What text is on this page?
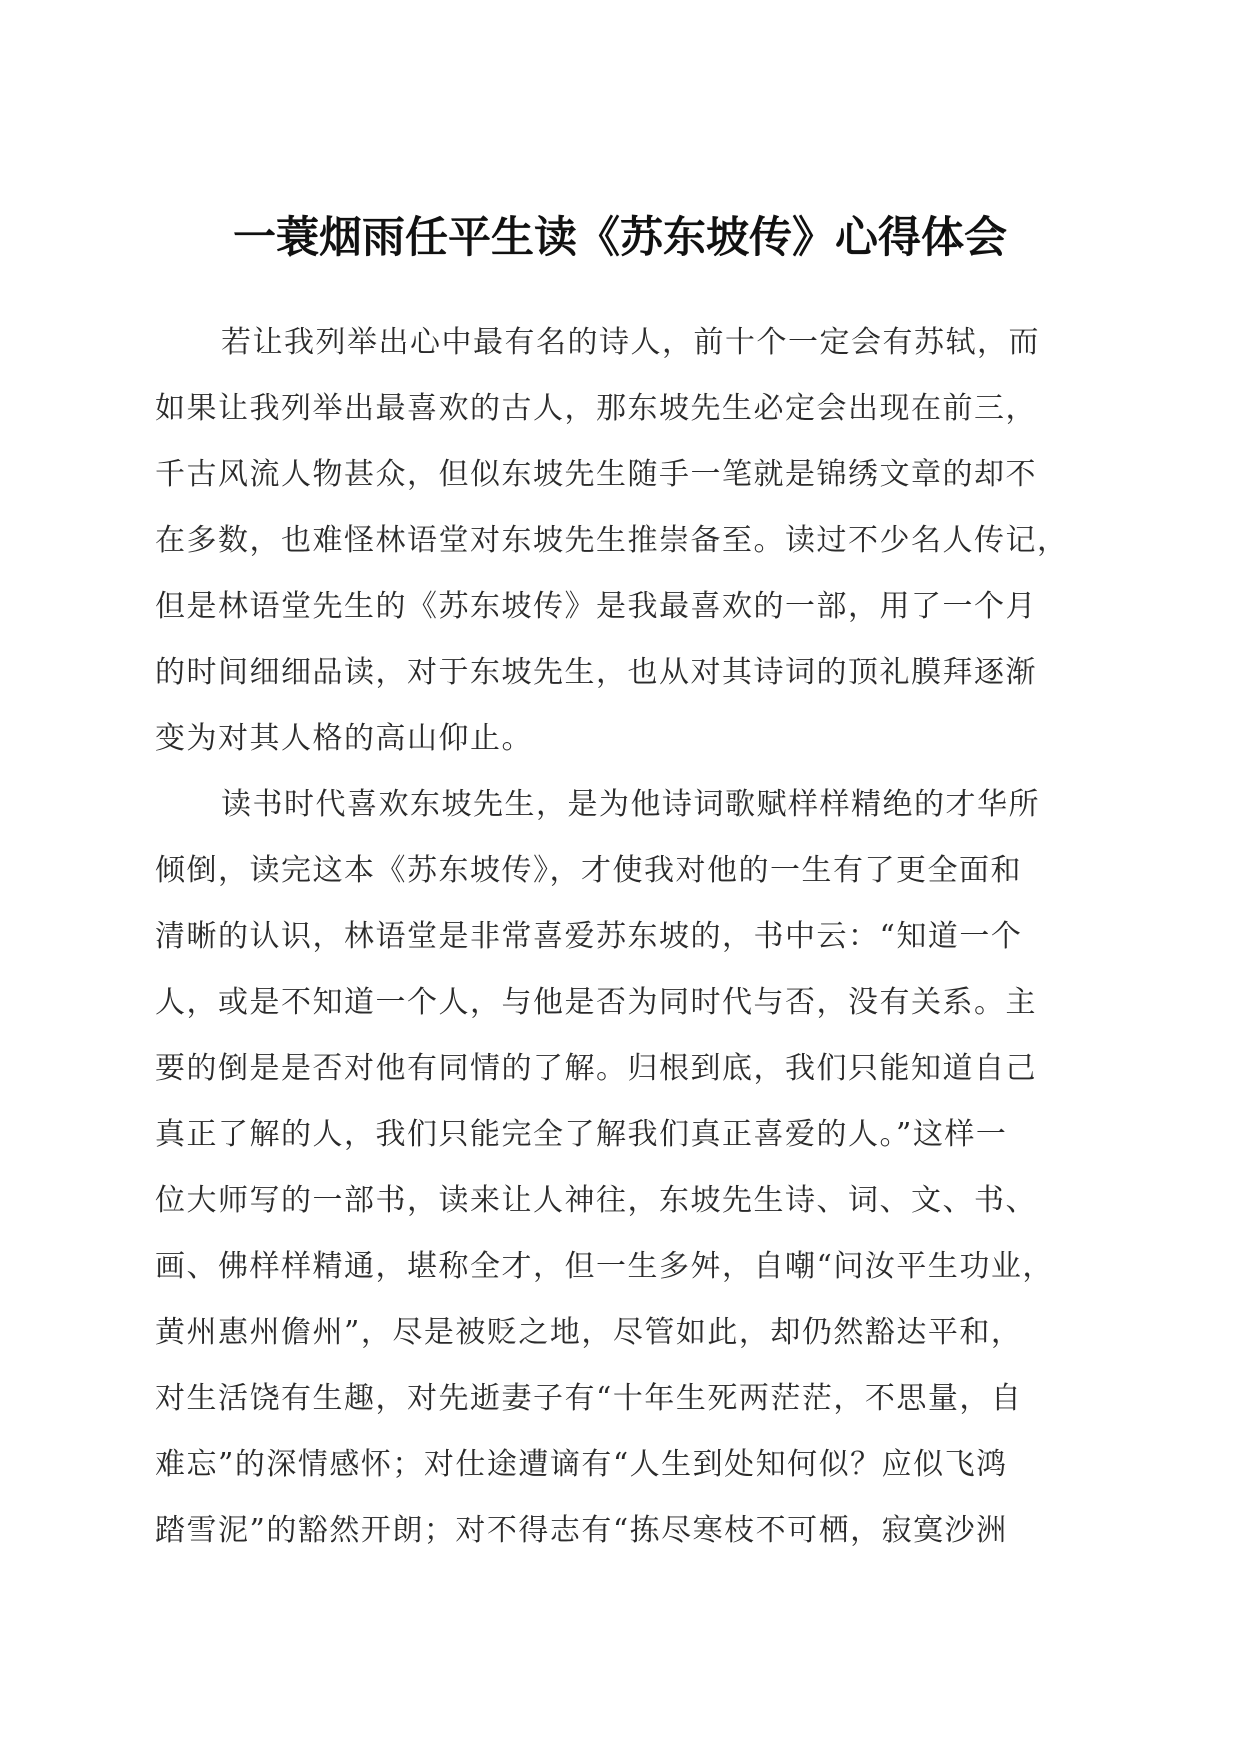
一蓑烟雨任平生读《苏东坡传》心得体会
若让我列举出心中最有名的诗人，前十个一定会有苏轼，而
如果让我列举出最喜欢的古人，那东坡先生必定会出现在前三，
千古风流人物甚众，但似东坡先生随手一笔就是锦绣文章的却不
在多数，也难怪林语堂对东坡先生推崇备至。读过不少名人传记，
但是林语堂先生的《苏东坡传》是我最喜欢的一部，用了一个月
的时间细细品读，对于东坡先生，也从对其诗词的顶礼膜拜逐渐
变为对其人格的高山仰止。
读书时代喜欢东坡先生，是为他诗词歌赋样样精绝的才华所
倾倒，读完这本《苏东坡传》，才使我对他的一生有了更全面和
清晰的认识，林语堂是非常喜爱苏东坡的，书中云：“知道一个
人，或是不知道一个人，与他是否为同时代与否，没有关系。主
要的倒是是否对他有同情的了解。归根到底，我们只能知道自己
真正了解的人，我们只能完全了解我们真正喜爱的人。”这样一
位大师写的一部书，读来让人神往，东坡先生诗、词、文、书、
画、佛样样精通，堪称全才，但一生多舛，自嘲“问汝平生功业，
黄州惠州儋州”，尽是被贬之地，尽管如此，却仍然豁达平和，
对生活饶有生趣，对先逝妻子有“十年生死两茫茫，不思量，自
难忘”的深情感怀；对仕途遭谪有“人生到处知何似？应似飞鸿
踏雪泥”的豁然开朗；对不得志有“拣尽寒枝不可栖，寂寞沙洲
